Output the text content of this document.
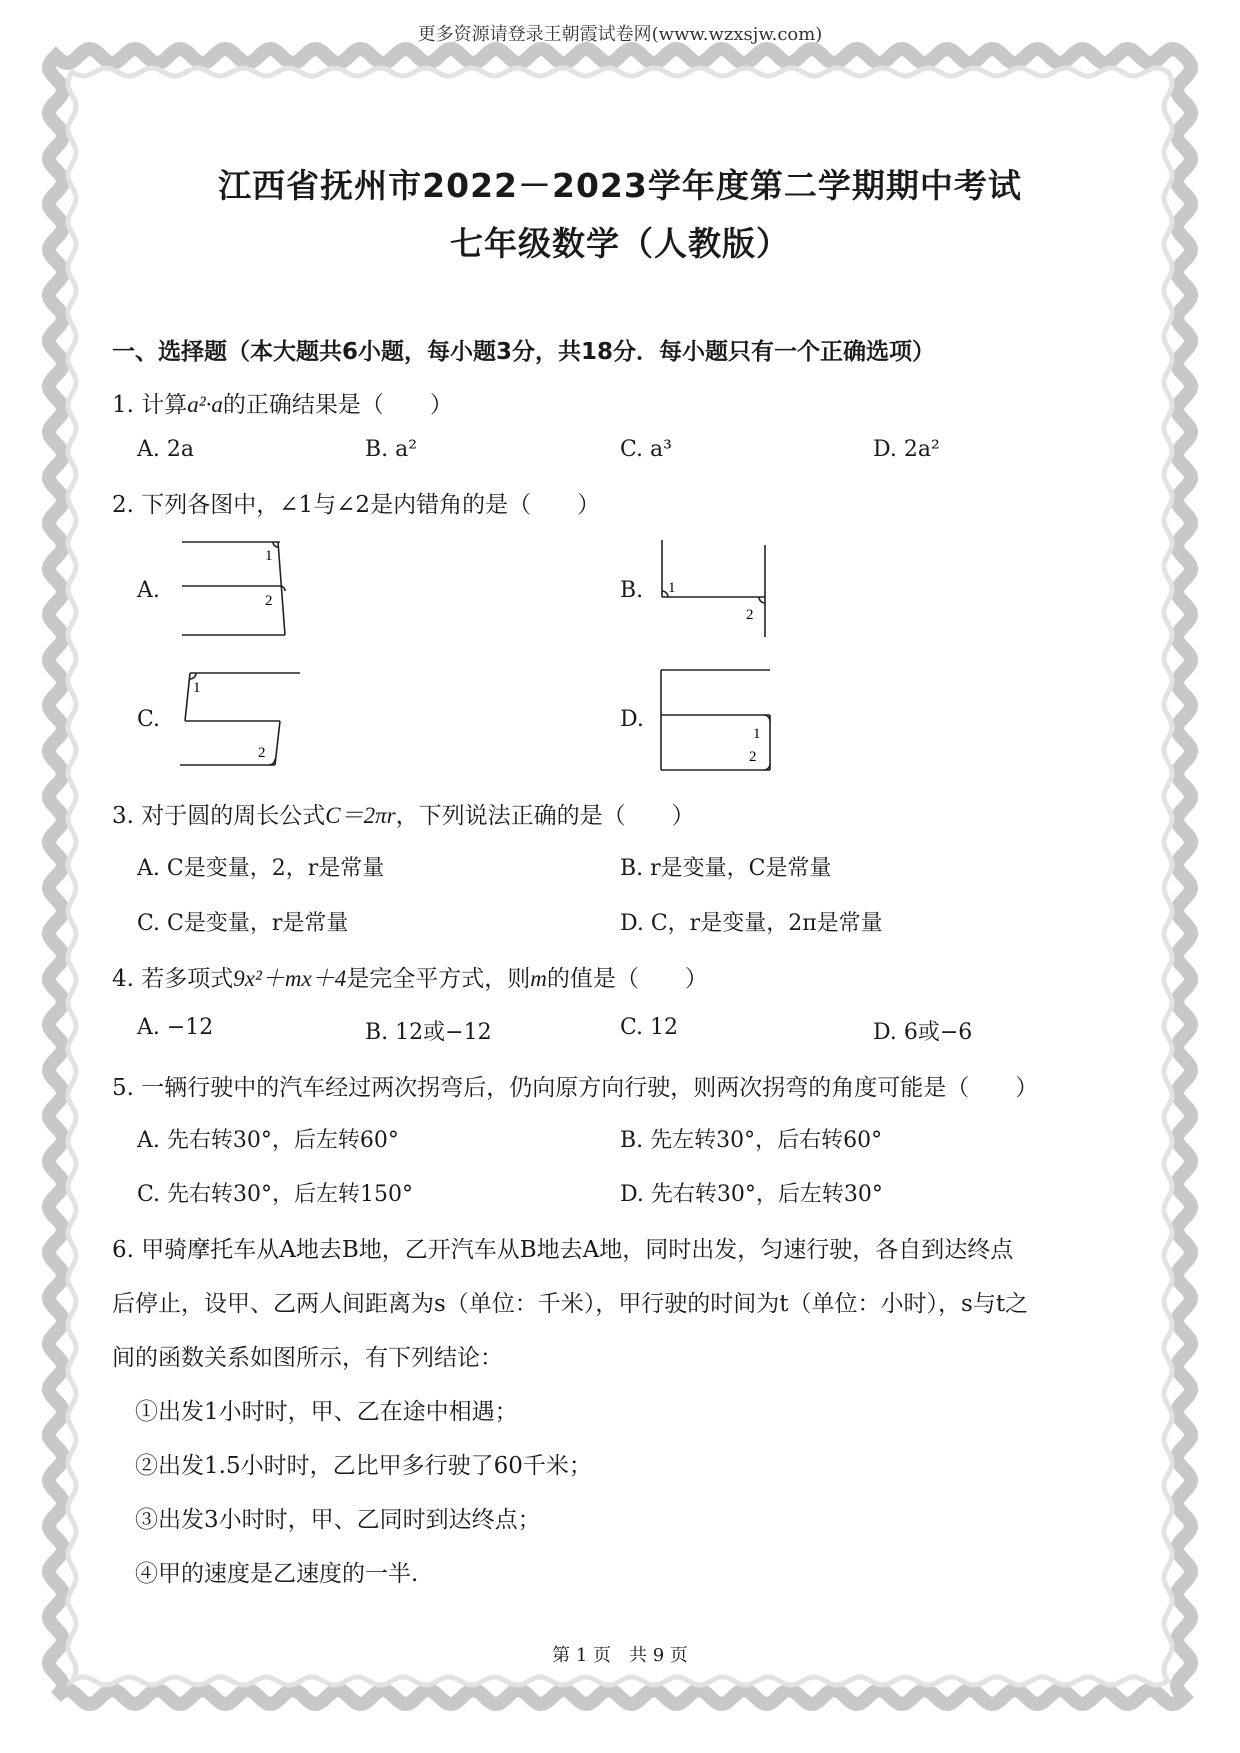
更多资源请登录王朝霞试卷网(www.wzxsjw.com)
江西省抚州市2022－2023学年度第二学期期中考试
七年级数学（人教版）
一、选择题（本大题共6小题，每小题3分，共18分．每小题只有一个正确选项）
1. 计算a²·a的正确结果是（　　）
A. 2a	B. a²	C. a³	D. 2a²
2. 下列各图中，∠1与∠2是内错角的是（　　）
A.
1
2	B. 1
2
C.
1
2
D.
1
2
3. 对于圆的周长公式C＝2πr，下列说法正确的是（　　）
A. C是变量，2，r是常量	B. r是变量，C是常量
C. C是变量，r是常量	D. C，r是变量，2π是常量
4. 若多项式9x²＋mx＋4是完全平方式，则m的值是（　　）
A. −12	B. 12或−12	C. 12	D. 6或−6
5. 一辆行驶中的汽车经过两次拐弯后，仍向原方向行驶，则两次拐弯的角度可能是（　　）
A. 先右转30°，后左转60°	B. 先左转30°，后右转60°
C. 先右转30°，后左转150°	D. 先右转30°，后左转30°
6. 甲骑摩托车从A地去B地，乙开汽车从B地去A地，同时出发，匀速行驶，各自到达终点
后停止，设甲、乙两人间距离为s（单位：千米），甲行驶的时间为t（单位：小时），s与t之
间的函数关系如图所示，有下列结论：
①出发1小时时，甲、乙在途中相遇；
②出发1.5小时时，乙比甲多行驶了60千米；
③出发3小时时，甲、乙同时到达终点；
④甲的速度是乙速度的一半.
第 1 页　共 9 页
